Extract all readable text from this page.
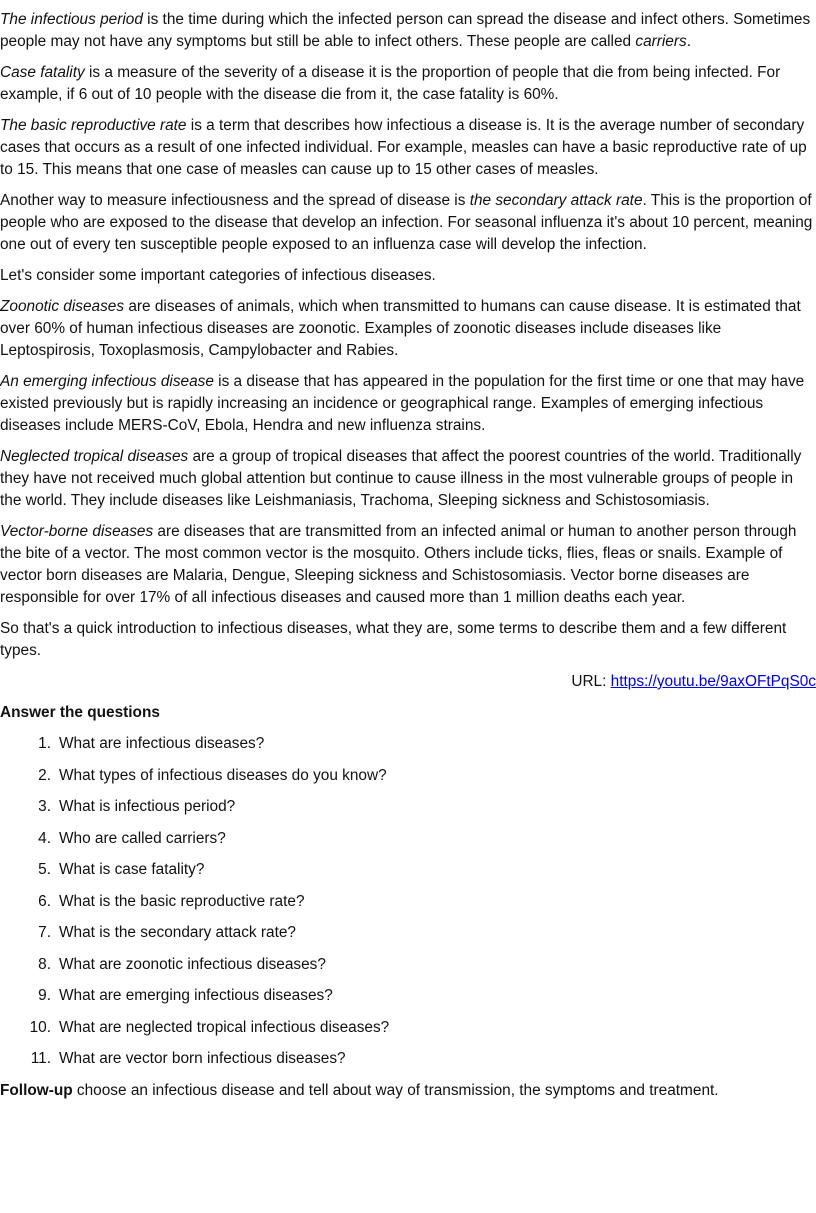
The infectious period is the time during which the infected person can spread the disease and infect others. Sometimes people may not have any symptoms but still be able to infect others. These people are called carriers.

Case fatality is a measure of the severity of a disease it is the proportion of people that die from being infected. For example, if 6 out of 10 people with the disease die from it, the case fatality is 60%.

The basic reproductive rate is a term that describes how infectious a disease is. It is the average number of secondary cases that occurs as a result of one infected individual. For example, measles can have a basic reproductive rate of up to 15. This means that one case of measles can cause up to 15 other cases of measles.

Another way to measure infectiousness and the spread of disease is the secondary attack rate. This is the proportion of people who are exposed to the disease that develop an infection. For seasonal influenza it's about 10 percent, meaning one out of every ten susceptible people exposed to an influenza case will develop the infection.

Let's consider some important categories of infectious diseases.

Zoonotic diseases are diseases of animals, which when transmitted to humans can cause disease. It is estimated that over 60% of human infectious diseases are zoonotic. Examples of zoonotic diseases include diseases like Leptospirosis, Toxoplasmosis, Campylobacter and Rabies.

An emerging infectious disease is a disease that has appeared in the population for the first time or one that may have existed previously but is rapidly increasing an incidence or geographical range. Examples of emerging infectious diseases include MERS-CoV, Ebola, Hendra and new influenza strains.

Neglected tropical diseases are a group of tropical diseases that affect the poorest countries of the world. Traditionally they have not received much global attention but continue to cause illness in the most vulnerable groups of people in the world. They include diseases like Leishmaniasis, Trachoma, Sleeping sickness and Schistosomiasis.

Vector-borne diseases are diseases that are transmitted from an infected animal or human to another person through the bite of a vector. The most common vector is the mosquito. Others include ticks, flies, fleas or snails. Example of vector born diseases are Malaria, Dengue, Sleeping sickness and Schistosomiasis. Vector borne diseases are responsible for over 17% of all infectious diseases and caused more than 1 million deaths each year.

So that's a quick introduction to infectious diseases, what they are, some terms to describe them and a few different types.

URL: https://youtu.be/9axOFtPqS0c

Answer the questions

1. What are infectious diseases?
2. What types of infectious diseases do you know?
3. What is infectious period?
4. Who are called carriers?
5. What is case fatality?
6. What is the basic reproductive rate?
7. What is the secondary attack rate?
8. What are zoonotic infectious diseases?
9. What are emerging infectious diseases?
10. What are neglected tropical infectious diseases?
11. What are vector born infectious diseases?

Follow-up choose an infectious disease and tell about way of transmission, the symptoms and treatment.
